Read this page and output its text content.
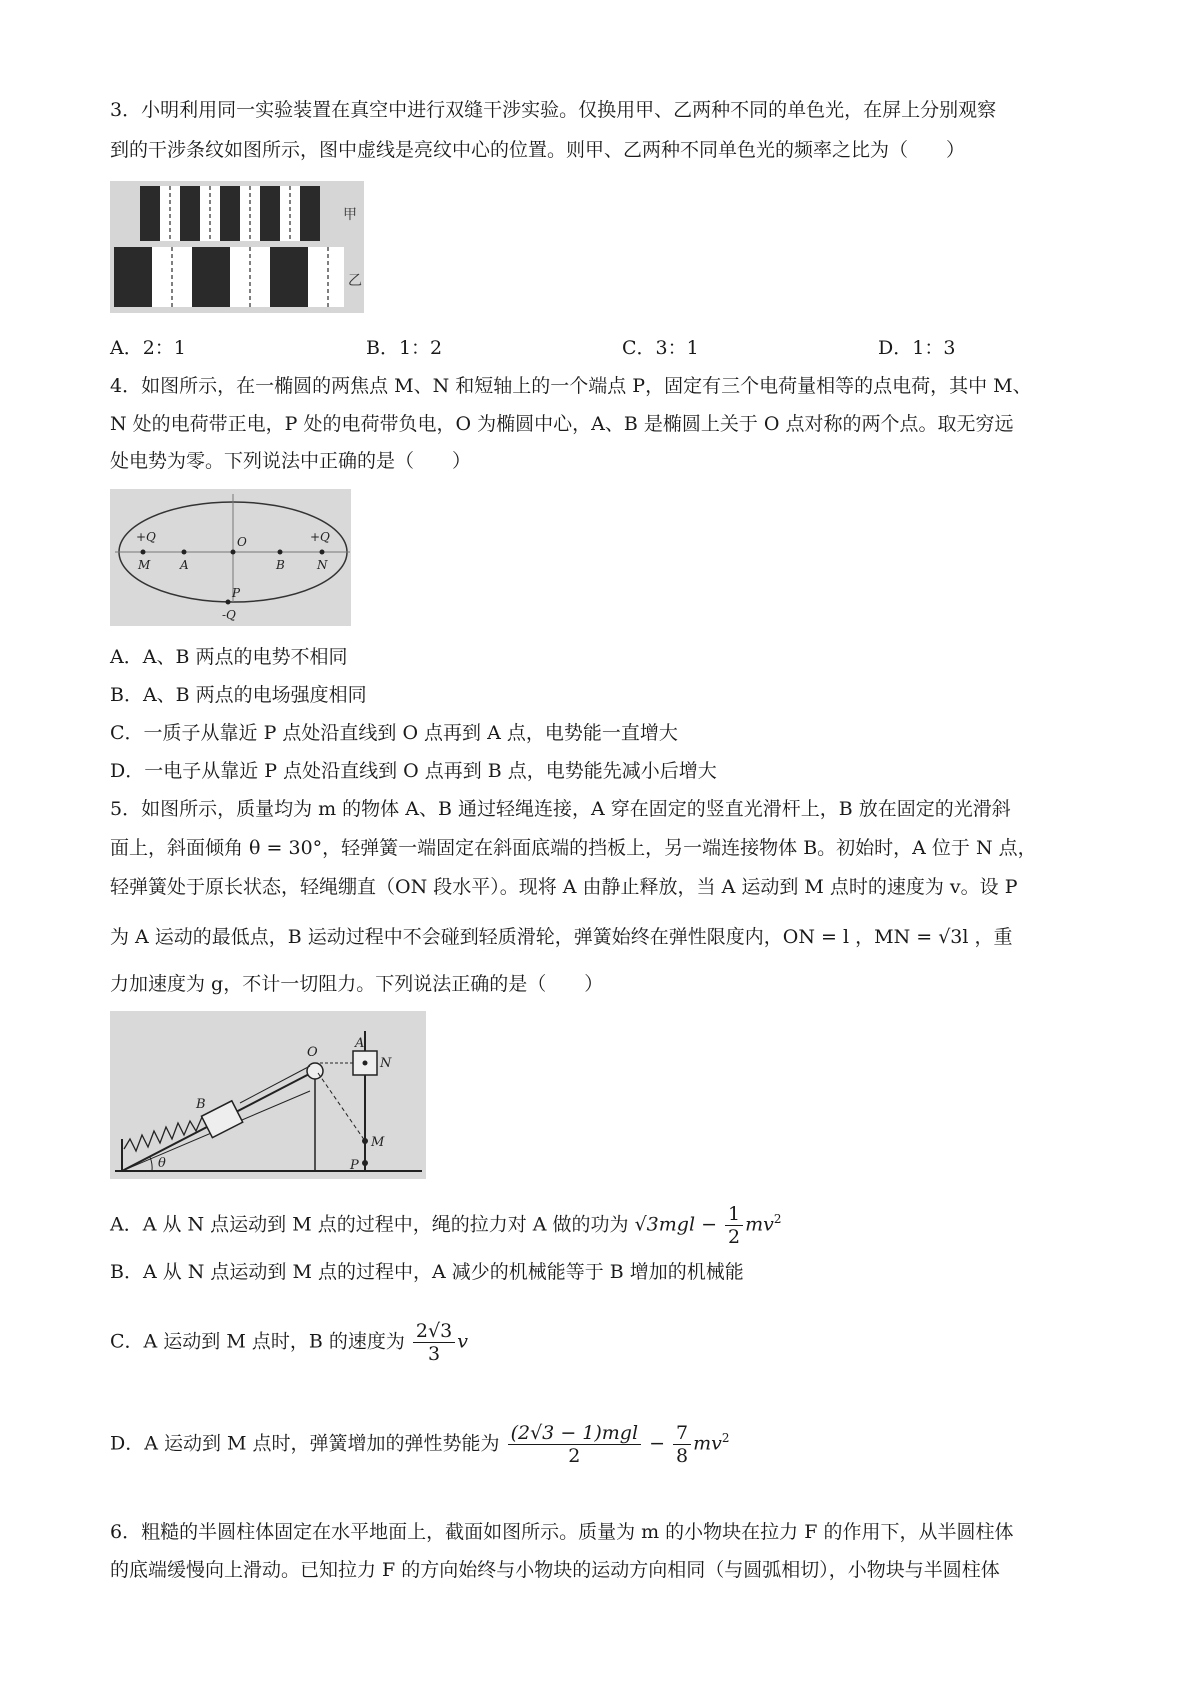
3．小明利用同一实验装置在真空中进行双缝干涉实验。仅换用甲、乙两种不同的单色光，在屏上分别观察
到的干涉条纹如图所示，图中虚线是亮纹中心的位置。则甲、乙两种不同单色光的频率之比为（　　）
甲
乙
A．2：1	B．1：2	C．3：1	D．1：3
4．如图所示，在一椭圆的两焦点 M、N 和短轴上的一个端点 P，固定有三个电荷量相等的点电荷，其中 M、
N 处的电荷带正电，P 处的电荷带负电，O 为椭圆中心，A、B 是椭圆上关于 O 点对称的两个点。取无穷远
处电势为零。下列说法中正确的是（　　）
+Q	+Q
M A
O
B	N
P
-Q
A．A、B 两点的电势不相同
B．A、B 两点的电场强度相同
C．一质子从靠近 P 点处沿直线到 O 点再到 A 点，电势能一直增大
D．一电子从靠近 P 点处沿直线到 O 点再到 B 点，电势能先减小后增大
5．如图所示，质量均为 m 的物体 A、B 通过轻绳连接，A 穿在固定的竖直光滑杆上，B 放在固定的光滑斜
面上，斜面倾角 θ = 30°，轻弹簧一端固定在斜面底端的挡板上，另一端连接物体 B。初始时，A 位于 N 点，
轻弹簧处于原长状态，轻绳绷直（ON 段水平）。现将 A 由静止释放，当 A 运动到 M 点时的速度为 v。设 P
为 A 运动的最低点，B 运动过程中不会碰到轻质滑轮，弹簧始终在弹性限度内，ON = l ，MN = √3l ，重
力加速度为 g，不计一切阻力。下列说法正确的是（　　）
O
A
N
B
M
P
θ
A．A 从 N 点运动到 M 点的过程中，绳的拉力对 A 做的功为 $√3mgl - \frac{1}{2} mv^2$
B．A 从 N 点运动到 M 点的过程中，A 减少的机械能等于 B 增加的机械能
C．A 运动到 M 点时，B 的速度为 $\frac{2√3}{3}$ v
D．A 运动到 M 点时，弹簧增加的弹性势能为 $\frac{\text{(2√3 − 1)mgl}}{2} - \frac{7}{8} mv^2$
6．粗糙的半圆柱体固定在水平地面上，截面如图所示。质量为 m 的小物块在拉力 F 的作用下，从半圆柱体
的底端缓慢向上滑动。已知拉力 F 的方向始终与小物块的运动方向相同（与圆弧相切），小物块与半圆柱体
